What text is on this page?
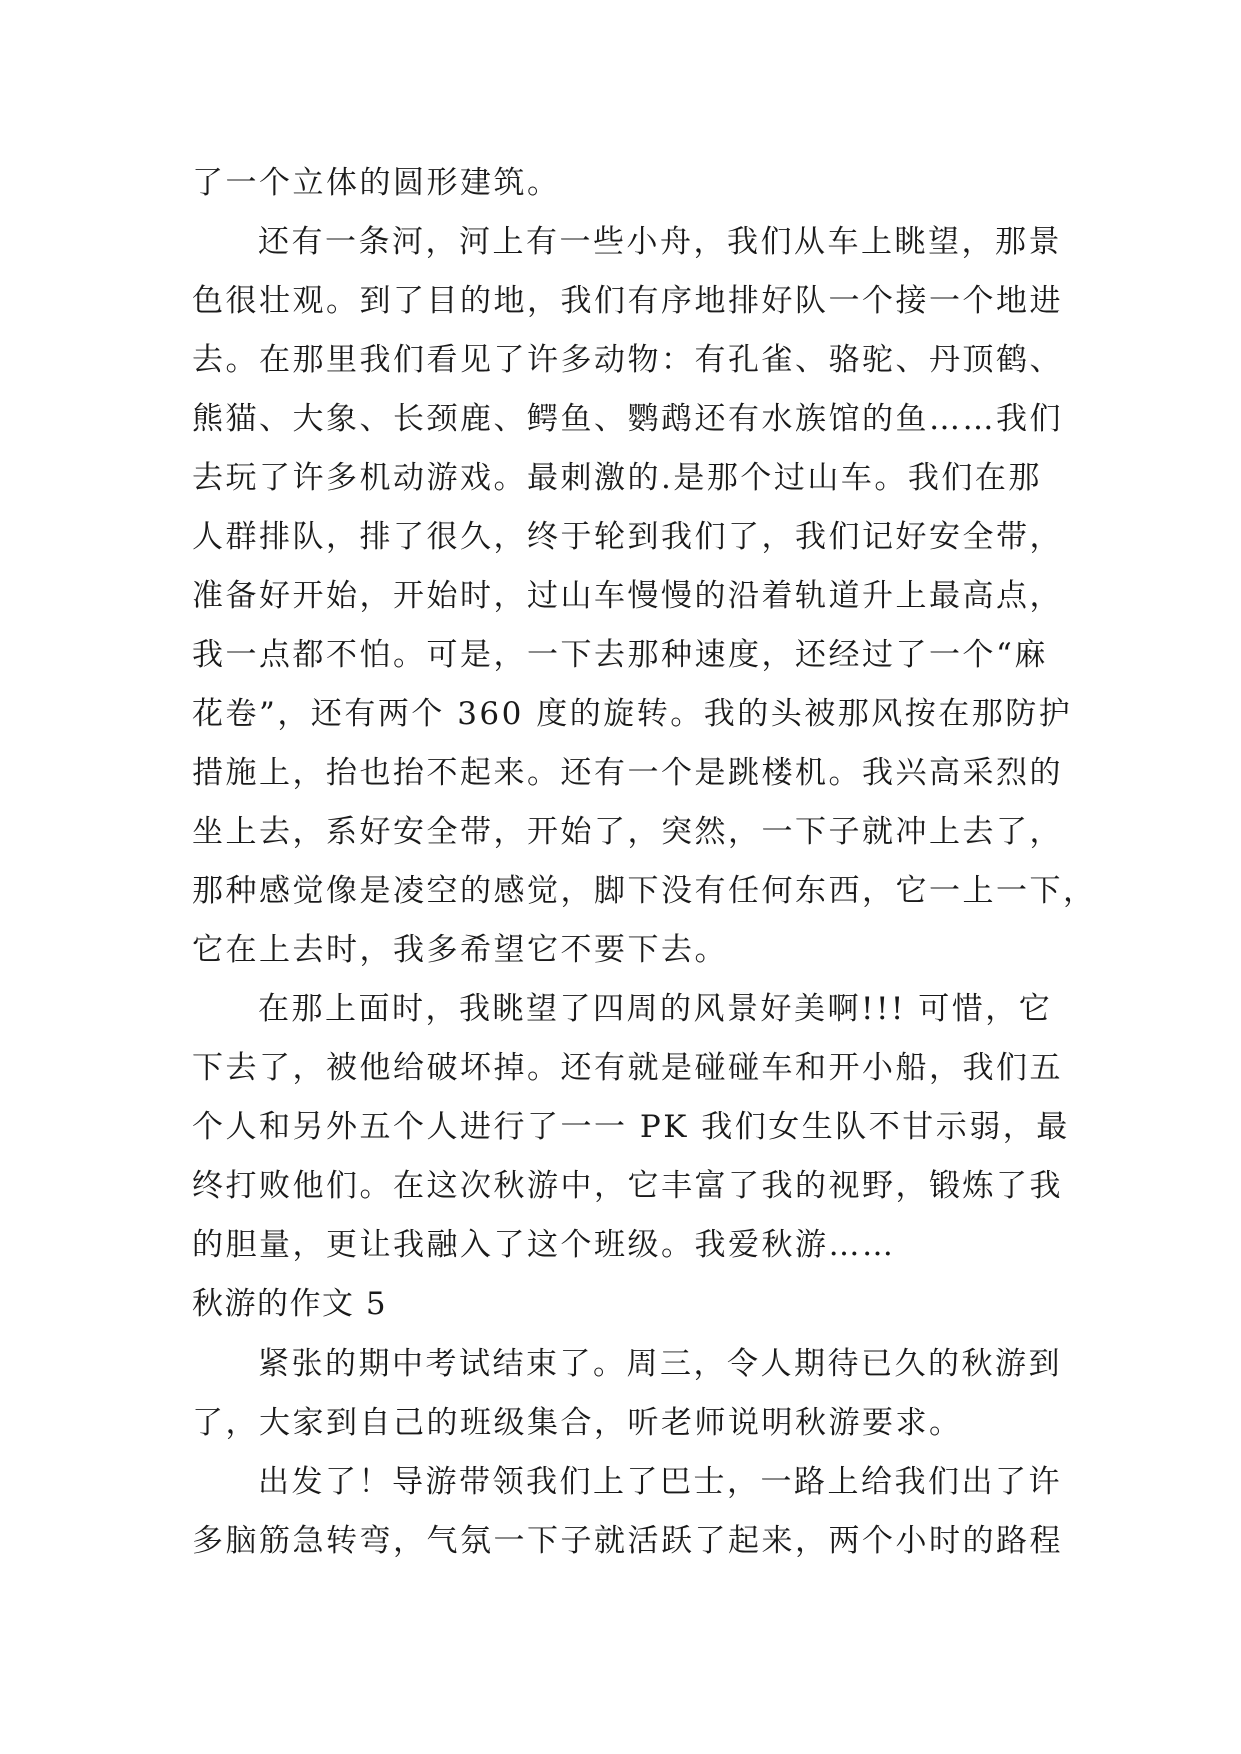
了一个立体的圆形建筑。
还有一条河，河上有一些小舟，我们从车上眺望，那景
色很壮观。到了目的地，我们有序地排好队一个接一个地进
去。在那里我们看见了许多动物：有孔雀、骆驼、丹顶鹤、
熊猫、大象、长颈鹿、鳄鱼、鹦鹉还有水族馆的鱼……我们
去玩了许多机动游戏。最刺激的.是那个过山车。我们在那
人群排队，排了很久，终于轮到我们了，我们记好安全带，
准备好开始，开始时，过山车慢慢的沿着轨道升上最高点，
我一点都不怕。可是，一下去那种速度，还经过了一个“麻
花卷”，还有两个 360 度的旋转。我的头被那风按在那防护
措施上，抬也抬不起来。还有一个是跳楼机。我兴高采烈的
坐上去，系好安全带，开始了，突然，一下子就冲上去了，
那种感觉像是凌空的感觉，脚下没有任何东西，它一上一下，
它在上去时，我多希望它不要下去。
在那上面时，我眺望了四周的风景好美啊!!! 可惜，它
下去了，被他给破坏掉。还有就是碰碰车和开小船，我们五
个人和另外五个人进行了一一 PK 我们女生队不甘示弱，最
终打败他们。在这次秋游中，它丰富了我的视野，锻炼了我
的胆量，更让我融入了这个班级。我爱秋游……
秋游的作文 5
紧张的期中考试结束了。周三，令人期待已久的秋游到
了，大家到自己的班级集合，听老师说明秋游要求。
出发了！导游带领我们上了巴士，一路上给我们出了许
多脑筋急转弯，气氛一下子就活跃了起来，两个小时的路程
